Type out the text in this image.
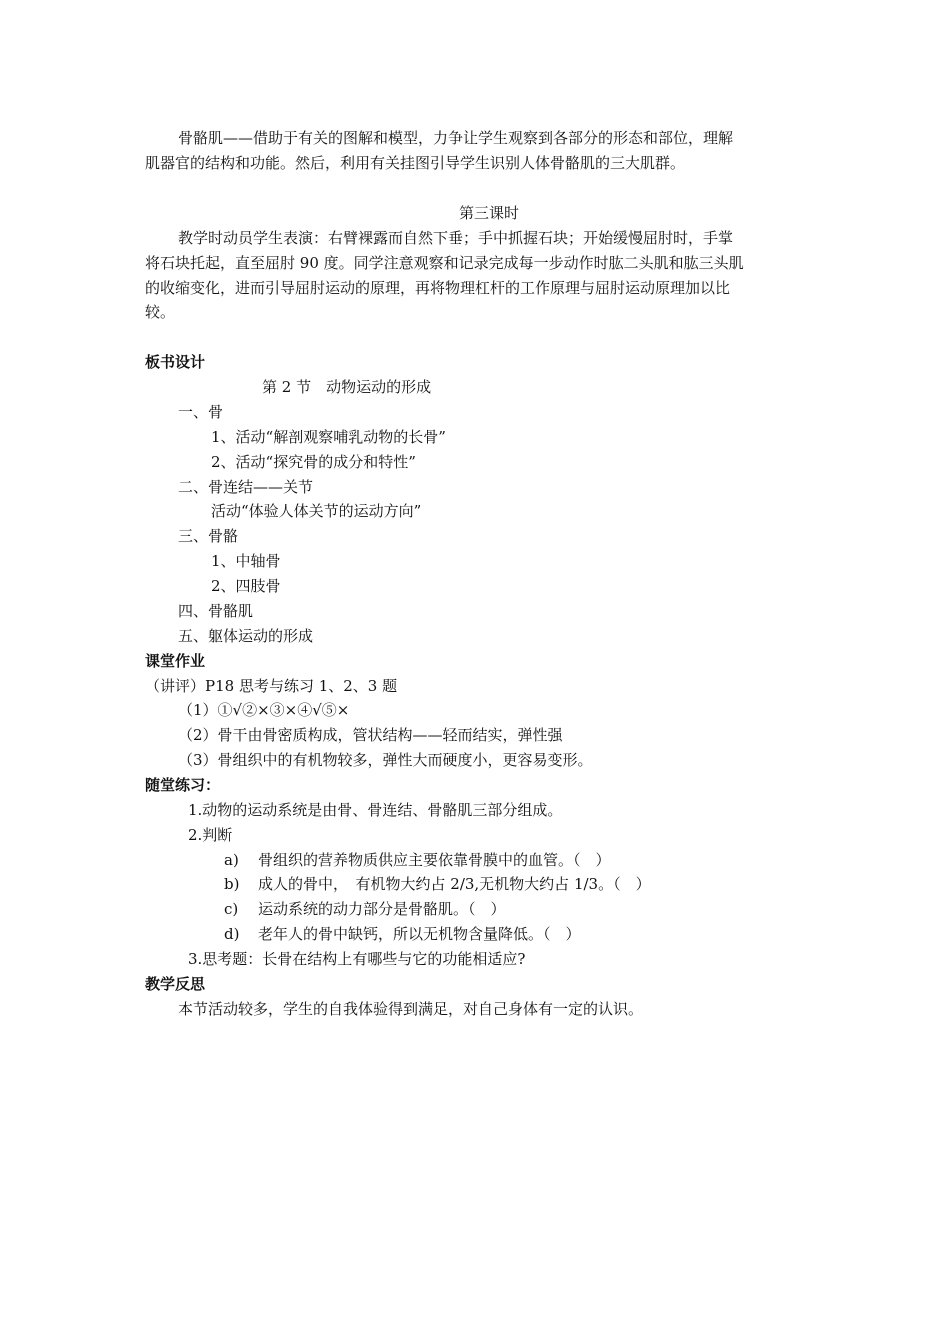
骨骼肌——借助于有关的图解和模型，力争让学生观察到各部分的形态和部位，理解
肌器官的结构和功能。然后，利用有关挂图引导学生识别人体骨骼肌的三大肌群。
第三课时
教学时动员学生表演：右臂裸露而自然下垂；手中抓握石块；开始缓慢屈肘时，手掌
将石块托起，直至屈肘 90 度。同学注意观察和记录完成每一步动作时肱二头肌和肱三头肌
的收缩变化，进而引导屈肘运动的原理，再将物理杠杆的工作原理与屈肘运动原理加以比
较。
板书设计
第 2 节　动物运动的形成
一、骨
1、活动“解剖观察哺乳动物的长骨”
2、活动“探究骨的成分和特性”
二、骨连结——关节
活动“体验人体关节的运动方向”
三、骨骼
1、中轴骨
2、四肢骨
四、骨骼肌
五、躯体运动的形成
课堂作业
（讲评）P18 思考与练习 1、2、3 题
（1）①√②×③×④√⑤×
（2）骨干由骨密质构成，管状结构——轻而结实，弹性强
（3）骨组织中的有机物较多，弹性大而硬度小，更容易变形。
随堂练习：
1.动物的运动系统是由骨、骨连结、骨骼肌三部分组成。
2.判断
a) 骨组织的营养物质供应主要依靠骨膜中的血管。（　）
b) 成人的骨中，　有机物大约占 2/3,无机物大约占 1/3。（　）
c) 运动系统的动力部分是骨骼肌。（　）
d) 老年人的骨中缺钙，所以无机物含量降低。（　）
3.思考题：长骨在结构上有哪些与它的功能相适应?
教学反思
本节活动较多，学生的自我体验得到满足，对自己身体有一定的认识。
